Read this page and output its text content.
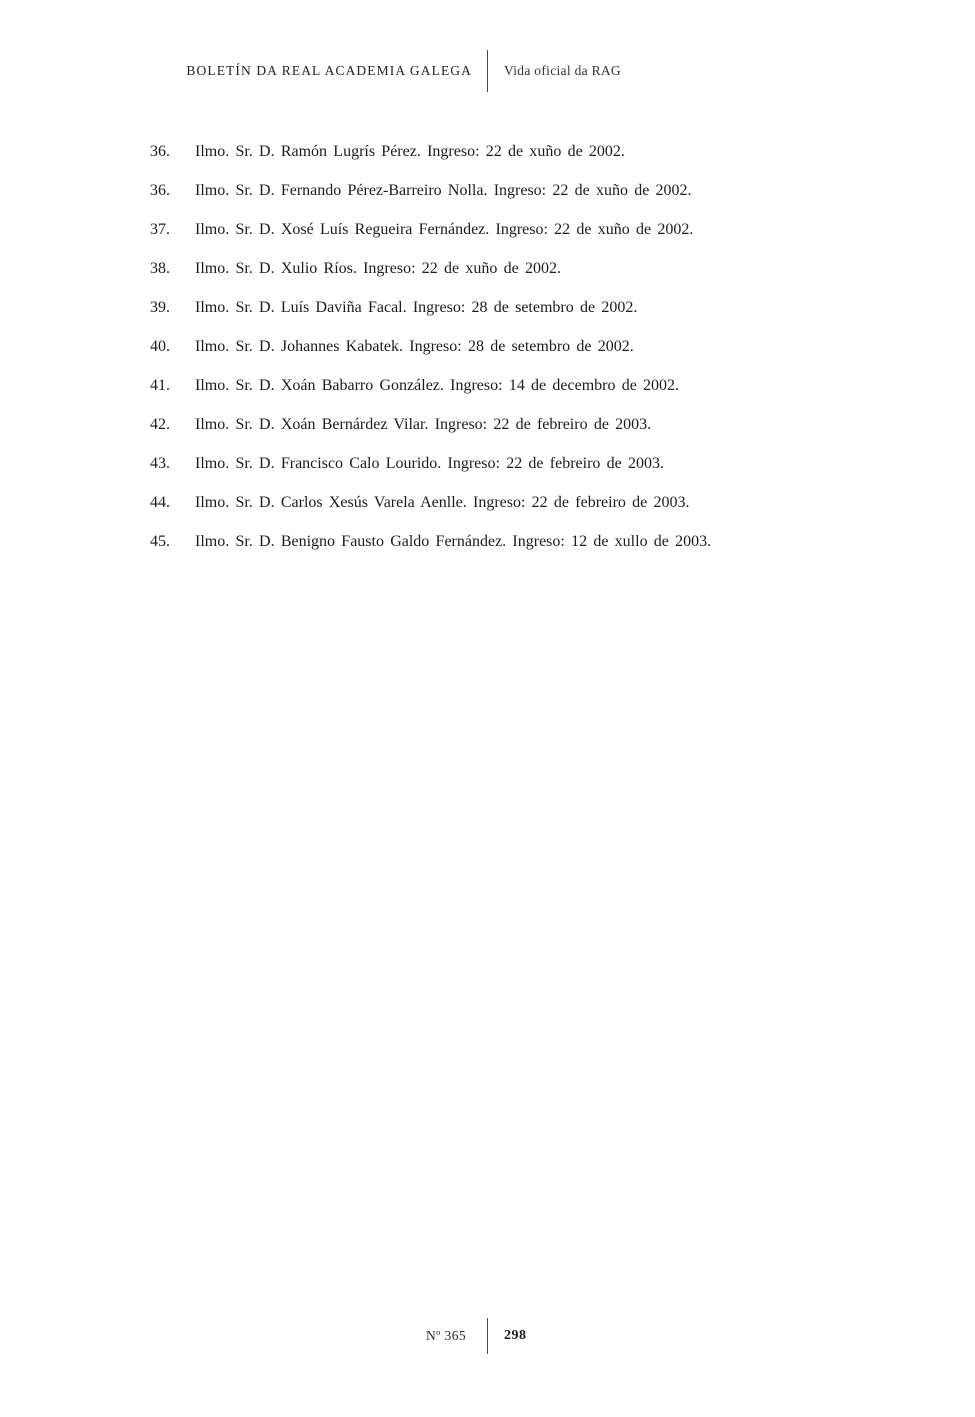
BOLETÍN DA REAL ACADEMIA GALEGA	Vida oficial da RAG
36.	Ilmo. Sr. D. Ramón Lugrís Pérez. Ingreso: 22 de xuño de 2002.
36.	Ilmo. Sr. D. Fernando Pérez-Barreiro Nolla. Ingreso: 22 de xuño de 2002.
37.	Ilmo. Sr. D. Xosé Luís Regueira Fernández. Ingreso: 22 de xuño de 2002.
38.	Ilmo. Sr. D. Xulio Ríos. Ingreso: 22 de xuño de 2002.
39.	Ilmo. Sr. D. Luís Daviña Facal. Ingreso: 28 de setembro de 2002.
40.	Ilmo. Sr. D. Johannes Kabatek. Ingreso: 28 de setembro de 2002.
41.	Ilmo. Sr. D. Xoán Babarro González. Ingreso: 14 de decembro de 2002.
42.	Ilmo. Sr. D. Xoán Bernárdez Vilar. Ingreso: 22 de febreiro de 2003.
43.	Ilmo. Sr. D. Francisco Calo Lourido. Ingreso: 22 de febreiro de 2003.
44.	Ilmo. Sr. D. Carlos Xesús Varela Aenlle. Ingreso: 22 de febreiro de 2003.
45.	Ilmo. Sr. D. Benigno Fausto Galdo Fernández. Ingreso: 12 de xullo de 2003.
Nº 365	298
